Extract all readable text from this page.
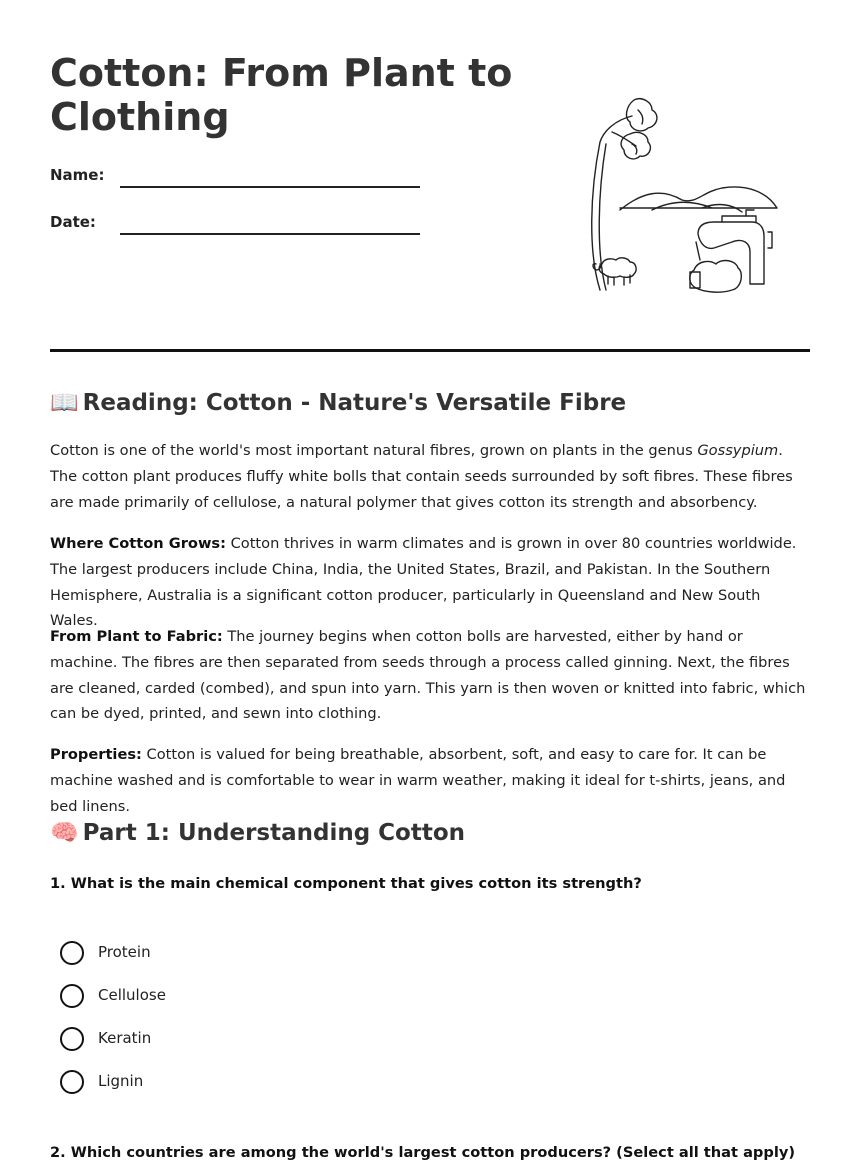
Cotton: From Plant to Clothing
Name:
Date:
📖 Reading: Cotton - Nature's Versatile Fibre

Cotton is one of the world's most important natural fibres, grown on plants in the genus Gossypium. The cotton plant produces fluffy white bolls that contain seeds surrounded by soft fibres. These fibres are made primarily of cellulose, a natural polymer that gives cotton its strength and absorbency.

Where Cotton Grows: Cotton thrives in warm climates and is grown in over 80 countries worldwide. The largest producers include China, India, the United States, Brazil, and Pakistan. In the Southern Hemisphere, Australia is a significant cotton producer, particularly in Queensland and New South Wales.

From Plant to Fabric: The journey begins when cotton bolls are harvested, either by hand or machine. The fibres are then separated from seeds through a process called ginning. Next, the fibres are cleaned, carded (combed), and spun into yarn. This yarn is then woven or knitted into fabric, which can be dyed, printed, and sewn into clothing.

Properties: Cotton is valued for being breathable, absorbent, soft, and easy to care for. It can be machine washed and is comfortable to wear in warm weather, making it ideal for t-shirts, jeans, and bed linens.

🧠 Part 1: Understanding Cotton

1. What is the main chemical component that gives cotton its strength?

Protein
Cellulose
Keratin
Lignin

2. Which countries are among the world's largest cotton producers? (Select all that apply)
